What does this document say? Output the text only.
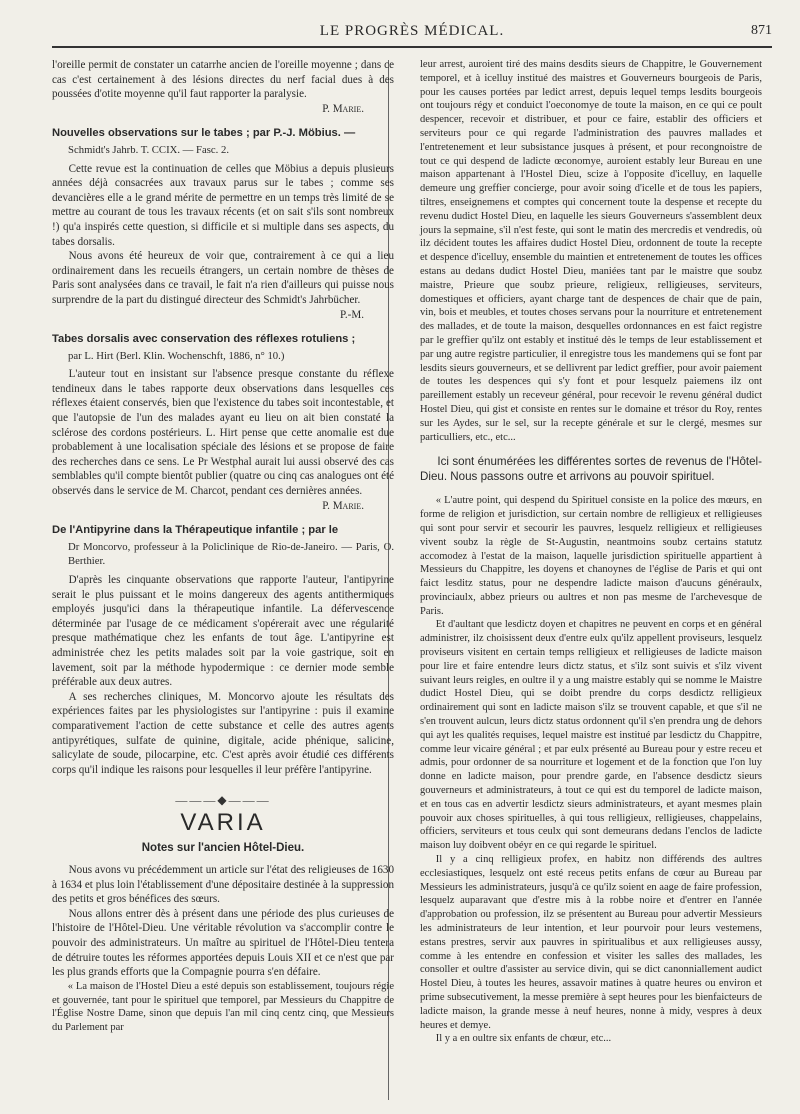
LE PROGRÈS MÉDICAL.	871

l'oreille permit de constater un catarrhe ancien de l'oreille moyenne ; dans ce cas c'est certainement à des lésions directes du nerf facial dues à des poussées d'otite moyenne qu'il faut rapporter la paralysie.

P. Marie.
Nouvelles observations sur le tabes ; par P.-J. Möbius. —

Schmidt's Jahrb. T. CCIX. — Fasc. 2.

Cette revue est la continuation de celles que Möbius a depuis plusieurs années déjà consacrées aux travaux parus sur le tabes ; comme ses devancières elle a le grand mérite de permettre en un temps très limité de se mettre au courant de tous les travaux récents (et on sait s'ils sont nombreux !) qu'a inspirés cette question, si difficile et si multiple dans ses aspects, du tabes dorsalis.

Nous avons été heureux de voir que, contrairement à ce qui a lieu ordinairement dans les recueils étrangers, un certain nombre de thèses de Paris sont analysées dans ce travail, le fait n'a rien d'ailleurs qui puisse nous surprendre de la part du distingué directeur des Schmidt's Jahrbücher.

P.-M.
Tabes dorsalis avec conservation des réflexes rotuliens ;

par L. Hirt (Berl. Klin. Wochenschft, 1886, n° 10.)

L'auteur tout en insistant sur l'absence presque constante du réflexe tendineux dans le tabes rapporte deux observations dans lesquelles ces réflexes étaient conservés, bien que l'existence du tabes soit incontestable, et que l'autopsie de l'un des malades ayant eu lieu on ait bien constaté la sclérose des cordons postérieurs. L. Hirt pense que cette anomalie est due probablement à une localisation spéciale des lésions et se propose de faire des recherches dans ce sens. Le Pr Westphal aurait lui aussi observé des cas semblables qu'il compte bientôt publier (quatre ou cinq cas analogues ont été observés dans le service de M. Charcot, pendant ces dernières années.

P. Marie.
De l'Antipyrine dans la Thérapeutique infantile ; par le

Dr Moncorvo, professeur à la Policlinique de Rio-de-Janeiro. — Paris, O. Berthier.

D'après les cinquante observations que rapporte l'auteur, l'antipyrine serait le plus puissant et le moins dangereux des agents antithermiques employés jusqu'ici dans la thérapeutique infantile. La défervescence déterminée par l'usage de ce médicament s'opérerait avec une régularité presque mathématique chez les enfants de tout âge. L'antipyrine est administrée chez les petits malades soit par la voie gastrique, soit en lavement, soit par la méthode hypodermique : ce dernier mode semble préférable aux deux autres.

A ses recherches cliniques, M. Moncorvo ajoute les résultats des expériences faites par les physiologistes sur l'antipyrine : puis il examine comparativement l'action de cette substance et celle des autres agents antipyrétiques, sulfate de quinine, digitale, acide phénique, salicine, salicylate de soude, pilocarpine, etc. C'est après avoir étudié ces différents corps qu'il indique les raisons pour lesquelles il leur préfère l'antipyrine.

———◆———
VARIA
Notes sur l'ancien Hôtel-Dieu.

Nous avons vu précédemment un article sur l'état des religieuses de 1630 à 1634 et plus loin l'établissement d'une dépositaire destinée à la suppression des petits et gros bénéfices des sœurs.

Nous allons entrer dès à présent dans une période des plus curieuses de l'histoire de l'Hôtel-Dieu. Une véritable révolution va s'accomplir contre le pouvoir des administrateurs. Un maître au spirituel de l'Hôtel-Dieu tentera de détruire toutes les réformes apportées depuis Louis XII et ce n'est que par les plus grands efforts que la Compagnie pourra s'en défaire.

« La maison de l'Hostel Dieu a esté depuis son establissement, toujours régie et gouvernée, tant pour le spirituel que temporel, par Messieurs du Chappitre de l'Église Nostre Dame, sinon que depuis l'an mil cinq centz cinq, que Messieurs du Parlement par

leur arrest, auroient tiré des mains desdits sieurs de Chappitre, le Gouvernement temporel, et à icelluy institué des maistres et Gouverneurs bourgeois de Paris, pour les causes portées par ledict arrest, depuis lequel temps lesdits bourgeois ont toujours régy et conduict l'oeconomye de toute la maison, en ce qui ce poult despencer, recevoir et distribuer, et pour ce faire, establir des officiers et serviteurs pour ce qui regarde l'administration des pauvres mallades et l'entretenement et leur subsistance jusques à présent, et pour recongnoistre de tout ce qui despend de ladicte œconomye, auroient estably leur Bureau en une maison appartenant à l'Hostel Dieu, scize à l'opposite d'icelluy, en laquelle demeure ung greffier concierge, pour avoir soing d'icelle et de tous les papiers, tiltres, enseignemens et comptes qui concernent toute la despense et recepte du revenu dudict Hostel Dieu, en laquelle les sieurs Gouverneurs s'assemblent deux jours la sepmaine, s'il n'est feste, qui sont le matin des mercredis et vendredis, où ilz décident toutes les affaires dudict Hostel Dieu, ordonnent de toute la recepte et despence d'icelluy, ensemble du maintien et entretenement de toutes les offices estans au dedans dudict Hostel Dieu, maniées tant par le maistre que soubz maistre, Prieure que soubz prieure, religieux, relligieuses, serviteurs, domestiques et officiers, ayant charge tant de despences de chair que de pain, vin, bois et meubles, et toutes choses servans pour la nourriture et entretenement des mallades, et de toute la maison, desquelles ordonnances en est faict registre par le greffier qu'ilz ont estably et institué dès le temps de leur establissement et par ung autre registre particulier, il enregistre tous les mandemens qui se font par lesdits sieurs gouverneurs, et se dellivrent par ledict greffier, pour avoir paiement de toutes les despences qui s'y font et pour lesquelz paiemens ilz ont pareillement estably un receveur général, pour recevoir le revenu général dudict Hostel Dieu, qui gist et consiste en rentes sur le domaine et trésor du Roy, rentes sur les Aydes, sur le sel, sur la recepte générale et sur le clergé, mesmes sur particulliers, etc., etc...

Ici sont énumérées les différentes sortes de revenus de l'Hôtel-Dieu. Nous passons outre et arrivons au pouvoir spirituel.

« L'autre point, qui despend du Spirituel consiste en la police des mœurs, en forme de religion et jurisdiction, sur certain nombre de relligieux et relligieuses qui sont pour servir et secourir les pauvres, lesquelz relligieux et relligieuses vivent soubz la règle de St-Augustin, neantmoins soubz certains statutz accomodez à l'estat de la maison, laquelle jurisdiction spirituelle appartient à Messieurs du Chappitre, les doyens et chanoynes de l'église de Paris et qui ont faict lesditz status, pour ne despendre ladicte maison d'aucuns généraulx, provinciaulx, abbez prieurs ou aultres et non pas mesme de l'archevesque de Paris.

Et d'aultant que lesdictz doyen et chapitres ne peuvent en corps et en général administrer, ilz choisissent deux d'entre eulx qu'ilz appellent proviseurs, lesquelz proviseurs visitent en certain temps relligieux et relligieuses de ladicte maison pour lire et faire entendre leurs dictz status, et s'ilz sont suivis et s'ilz vivent suivant leurs reigles, en oultre il y a ung maistre estably qui se nomme le Maistre dudict Hostel Dieu, qui se doibt prendre du corps desdictz relligieux ordinairement qui sont en ladicte maison s'ilz se trouvent capable, et que s'il ne s'en trouvent aulcun, leurs dictz status ordonnent qu'il s'en prendra ung de dehors qui ayt les qualités requises, lequel maistre est institué par lesdictz du Chappitre, comme leur vicaire général ; et par eulx présenté au Bureau pour y estre receu et admis, pour ordonner de sa nourriture et logement et de la fonction que l'on luy donne en ladicte maison, pour prendre garde, en l'absence desdictz sieurs gouverneurs et administrateurs, à tout ce qui est du temporel de ladicte maison, et en tous cas en advertir lesdictz sieurs administrateurs, et ayant mesmes plain pouvoir aux choses spirituelles, à qui tous relligieux, relligieuses, chappelains, officiers, serviteurs et tous ceulx qui sont demeurans dedans l'enclos de ladicte maison luy doibvent obéyr en ce qui regarde le spirituel.

Il y a cinq relligieux profex, en habitz non différends des aultres ecclesiastiques, lesquelz ont esté receus petits enfans de cœur au Bureau par Messieurs les administrateurs, jusqu'à ce qu'ilz soient en aage de faire profession, lesquelz auparavant que d'estre mis à la robbe noire et d'entrer en l'année d'approbation ou profession, ilz se présentent au Bureau pour advertir Messieurs les administrateurs de leur intention, et leur pourvoir pour leurs vestemens, estans prestres, servir aux pauvres in spiritualibus et aux relligieuses aussy, comme à les entendre en confession et visiter les salles des mallades, les consoller et oultre d'assister au service divin, qui se dict canonniallement audict Hostel Dieu, à toutes les heures, assavoir matines à quatre heures ou environ et prime subsecutivement, la messe première à sept heures pour les bienfaicteurs de ladicte maison, la grande messe à neuf heures, nonne à midy, vespres à deux heures et demye.

Il y a en oultre six enfants de chœur, etc...
